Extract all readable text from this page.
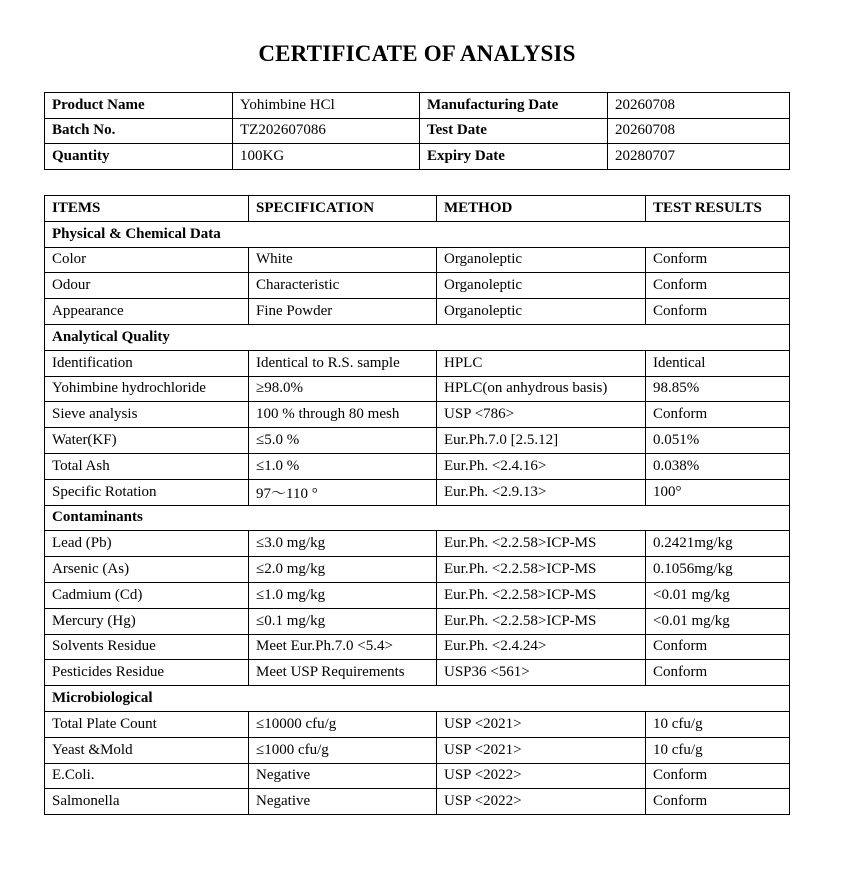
CERTIFICATE OF ANALYSIS
Product Name	Yohimbine HCl	Manufacturing Date	20260708
Batch No.	TZ202607086	Test Date	20260708
Quantity	100KG	Expiry Date	20280707
ITEMS	SPECIFICATION	METHOD	TEST RESULTS
Physical & Chemical Data			
Color	White	Organoleptic	Conform
Odour	Characteristic	Organoleptic	Conform
Appearance	Fine Powder	Organoleptic	Conform
Analytical Quality			
Identification	Identical to R.S. sample	HPLC	Identical
Yohimbine hydrochloride	≥98.0%	HPLC(on anhydrous basis)	98.85%
Sieve analysis	100 % through 80 mesh	USP <786>	Conform
Water(KF)	≤5.0 %	Eur.Ph.7.0 [2.5.12]	0.051%
Total Ash	≤1.0 %	Eur.Ph. <2.4.16>	0.038%
Specific Rotation	97～110 °	Eur.Ph. <2.9.13>	100°
Contaminants			
Lead (Pb)	≤3.0 mg/kg	Eur.Ph. <2.2.58>ICP-MS	0.2421mg/kg
Arsenic (As)	≤2.0 mg/kg	Eur.Ph. <2.2.58>ICP-MS	0.1056mg/kg
Cadmium (Cd)	≤1.0 mg/kg	Eur.Ph. <2.2.58>ICP-MS	<0.01 mg/kg
Mercury (Hg)	≤0.1 mg/kg	Eur.Ph. <2.2.58>ICP-MS	<0.01 mg/kg
Solvents Residue	Meet Eur.Ph.7.0 <5.4>	Eur.Ph. <2.4.24>	Conform
Pesticides Residue	Meet USP Requirements	USP36 <561>	Conform
Microbiological			
Total Plate Count	≤10000 cfu/g	USP <2021>	10 cfu/g
Yeast &Mold	≤1000 cfu/g	USP <2021>	10 cfu/g
E.Coli.	Negative	USP <2022>	Conform
Salmonella	Negative	USP <2022>	Conform
